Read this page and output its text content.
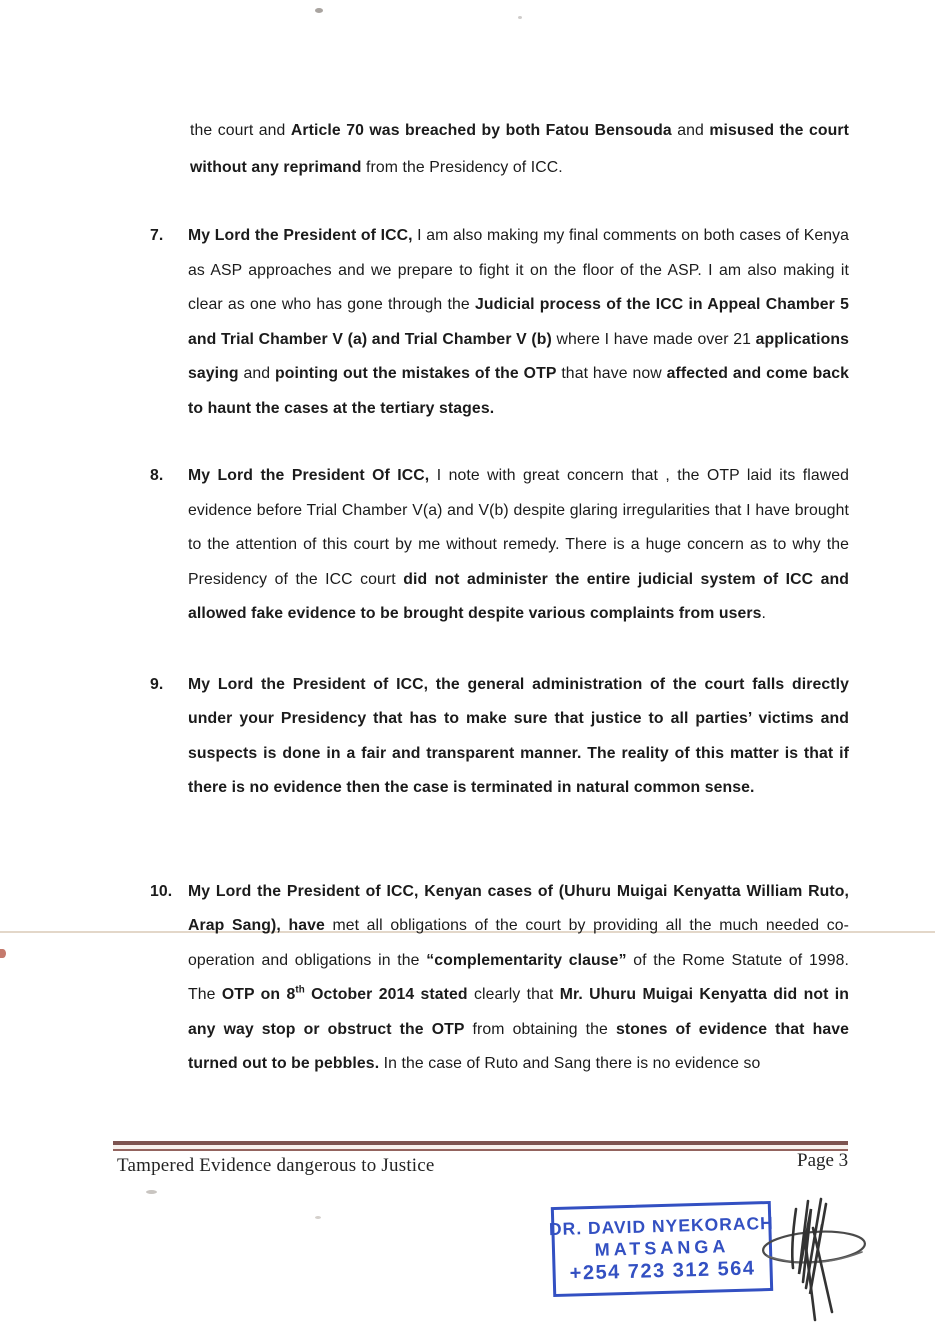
the court and Article 70 was breached by both Fatou Bensouda and misused the court without any reprimand from the Presidency of ICC.
7. My Lord the President of ICC, I am also making my final comments on both cases of Kenya as ASP approaches and we prepare to fight it on the floor of the ASP. I am also making it clear as one who has gone through the Judicial process of the ICC in Appeal Chamber 5 and Trial Chamber V (a) and Trial Chamber V (b) where I have made over 21 applications saying and pointing out the mistakes of the OTP that have now affected and come back to haunt the cases at the tertiary stages.
8. My Lord the President Of ICC, I note with great concern that , the OTP laid its flawed evidence before Trial Chamber V(a) and V(b) despite glaring irregularities that I have brought to the attention of this court by me without remedy. There is a huge concern as to why the Presidency of the ICC court did not administer the entire judicial system of ICC and allowed fake evidence to be brought despite various complaints from users.
9. My Lord the President of ICC, the general administration of the court falls directly under your Presidency that has to make sure that justice to all parties’ victims and suspects is done in a fair and transparent manner. The reality of this matter is that if there is no evidence then the case is terminated in natural common sense.
10. My Lord the President of ICC, Kenyan cases of (Uhuru Muigai Kenyatta William Ruto, Arap Sang), have met all obligations of the court by providing all the much needed co-operation and obligations in the “complementarity clause” of the Rome Statute of 1998. The OTP on 8th October 2014 stated clearly that Mr. Uhuru Muigai Kenyatta did not in any way stop or obstruct the OTP from obtaining the stones of evidence that have turned out to be pebbles. In the case of Ruto and Sang there is no evidence so
Tampered Evidence dangerous to Justice	Page 3
DR. DAVID NYEKORACH
MATSANGA
+254 723 312 564
